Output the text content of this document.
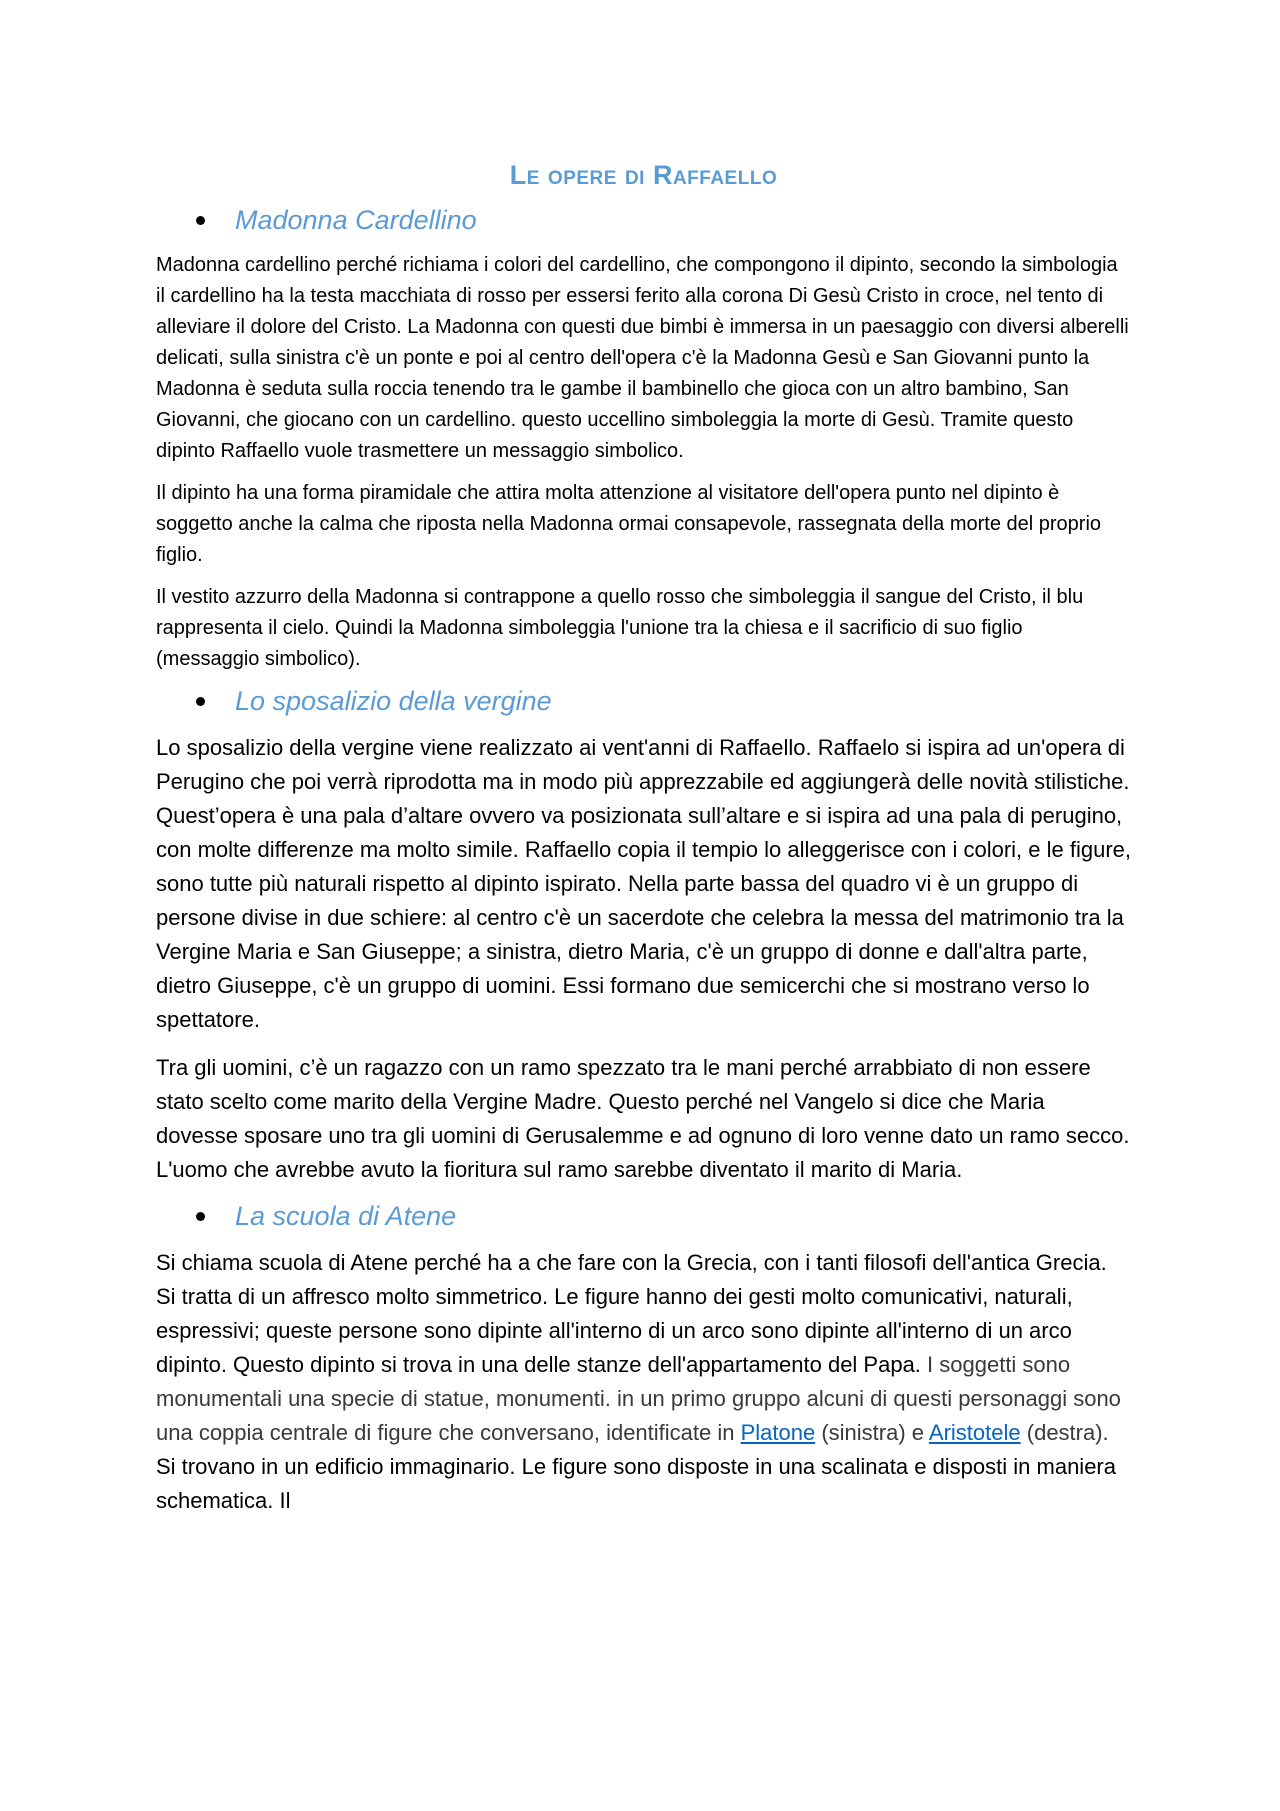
Le opere di Raffaello
Madonna Cardellino

Madonna cardellino perché richiama i colori del cardellino, che compongono il dipinto, secondo la simbologia il cardellino ha la testa macchiata di rosso per essersi ferito alla corona Di Gesù Cristo in croce, nel tento di alleviare il dolore del Cristo. La Madonna con questi due bimbi è immersa in un paesaggio con diversi alberelli delicati, sulla sinistra c'è un ponte e poi al centro dell'opera c'è la Madonna Gesù e San Giovanni punto la Madonna è seduta sulla roccia tenendo tra le gambe il bambinello che gioca con un altro bambino, San Giovanni, che giocano con un cardellino. questo uccellino simboleggia la morte di Gesù. Tramite questo dipinto Raffaello vuole trasmettere un messaggio simbolico.

Il dipinto ha una forma piramidale che attira molta attenzione al visitatore dell'opera punto nel dipinto è soggetto anche la calma che riposta nella Madonna ormai consapevole, rassegnata della morte del proprio figlio.

Il vestito azzurro della Madonna si contrappone a quello rosso che simboleggia il sangue del Cristo, il blu rappresenta il cielo. Quindi la Madonna simboleggia l'unione tra la chiesa e il sacrificio di suo figlio (messaggio simbolico).

Lo sposalizio della vergine

Lo sposalizio della vergine viene realizzato ai vent'anni di Raffaello. Raffaelo si ispira ad un'opera di Perugino che poi verrà riprodotta ma in modo più apprezzabile ed aggiungerà delle novità stilistiche. Quest’opera è una pala d’altare ovvero va posizionata sull’altare e si ispira ad una pala di perugino, con molte differenze ma molto simile. Raffaello copia il tempio lo alleggerisce con i colori, e le figure, sono tutte più naturali rispetto al dipinto ispirato. Nella parte bassa del quadro vi è un gruppo di persone divise in due schiere: al centro c'è un sacerdote che celebra la messa del matrimonio tra la Vergine Maria e San Giuseppe; a sinistra, dietro Maria, c'è un gruppo di donne e dall'altra parte, dietro Giuseppe, c'è un gruppo di uomini. Essi formano due semicerchi che si mostrano verso lo spettatore.

Tra gli uomini, c’è un ragazzo con un ramo spezzato tra le mani perché arrabbiato di non essere stato scelto come marito della Vergine Madre. Questo perché nel Vangelo si dice che Maria dovesse sposare uno tra gli uomini di Gerusalemme e ad ognuno di loro venne dato un ramo secco. L'uomo che avrebbe avuto la fioritura sul ramo sarebbe diventato il marito di Maria.

La scuola di Atene

Si chiama scuola di Atene perché ha a che fare con la Grecia, con i tanti filosofi dell'antica Grecia. Si tratta di un affresco molto simmetrico. Le figure hanno dei gesti molto comunicativi, naturali, espressivi; queste persone sono dipinte all'interno di un arco sono dipinte all'interno di un arco dipinto. Questo dipinto si trova in una delle stanze dell'appartamento del Papa. I soggetti sono monumentali una specie di statue, monumenti. in un primo gruppo alcuni di questi personaggi sono una coppia centrale di figure che conversano, identificate in Platone (sinistra) e Aristotele (destra). Si trovano in un edificio immaginario. Le figure sono disposte in una scalinata e disposti in maniera schematica. Il
